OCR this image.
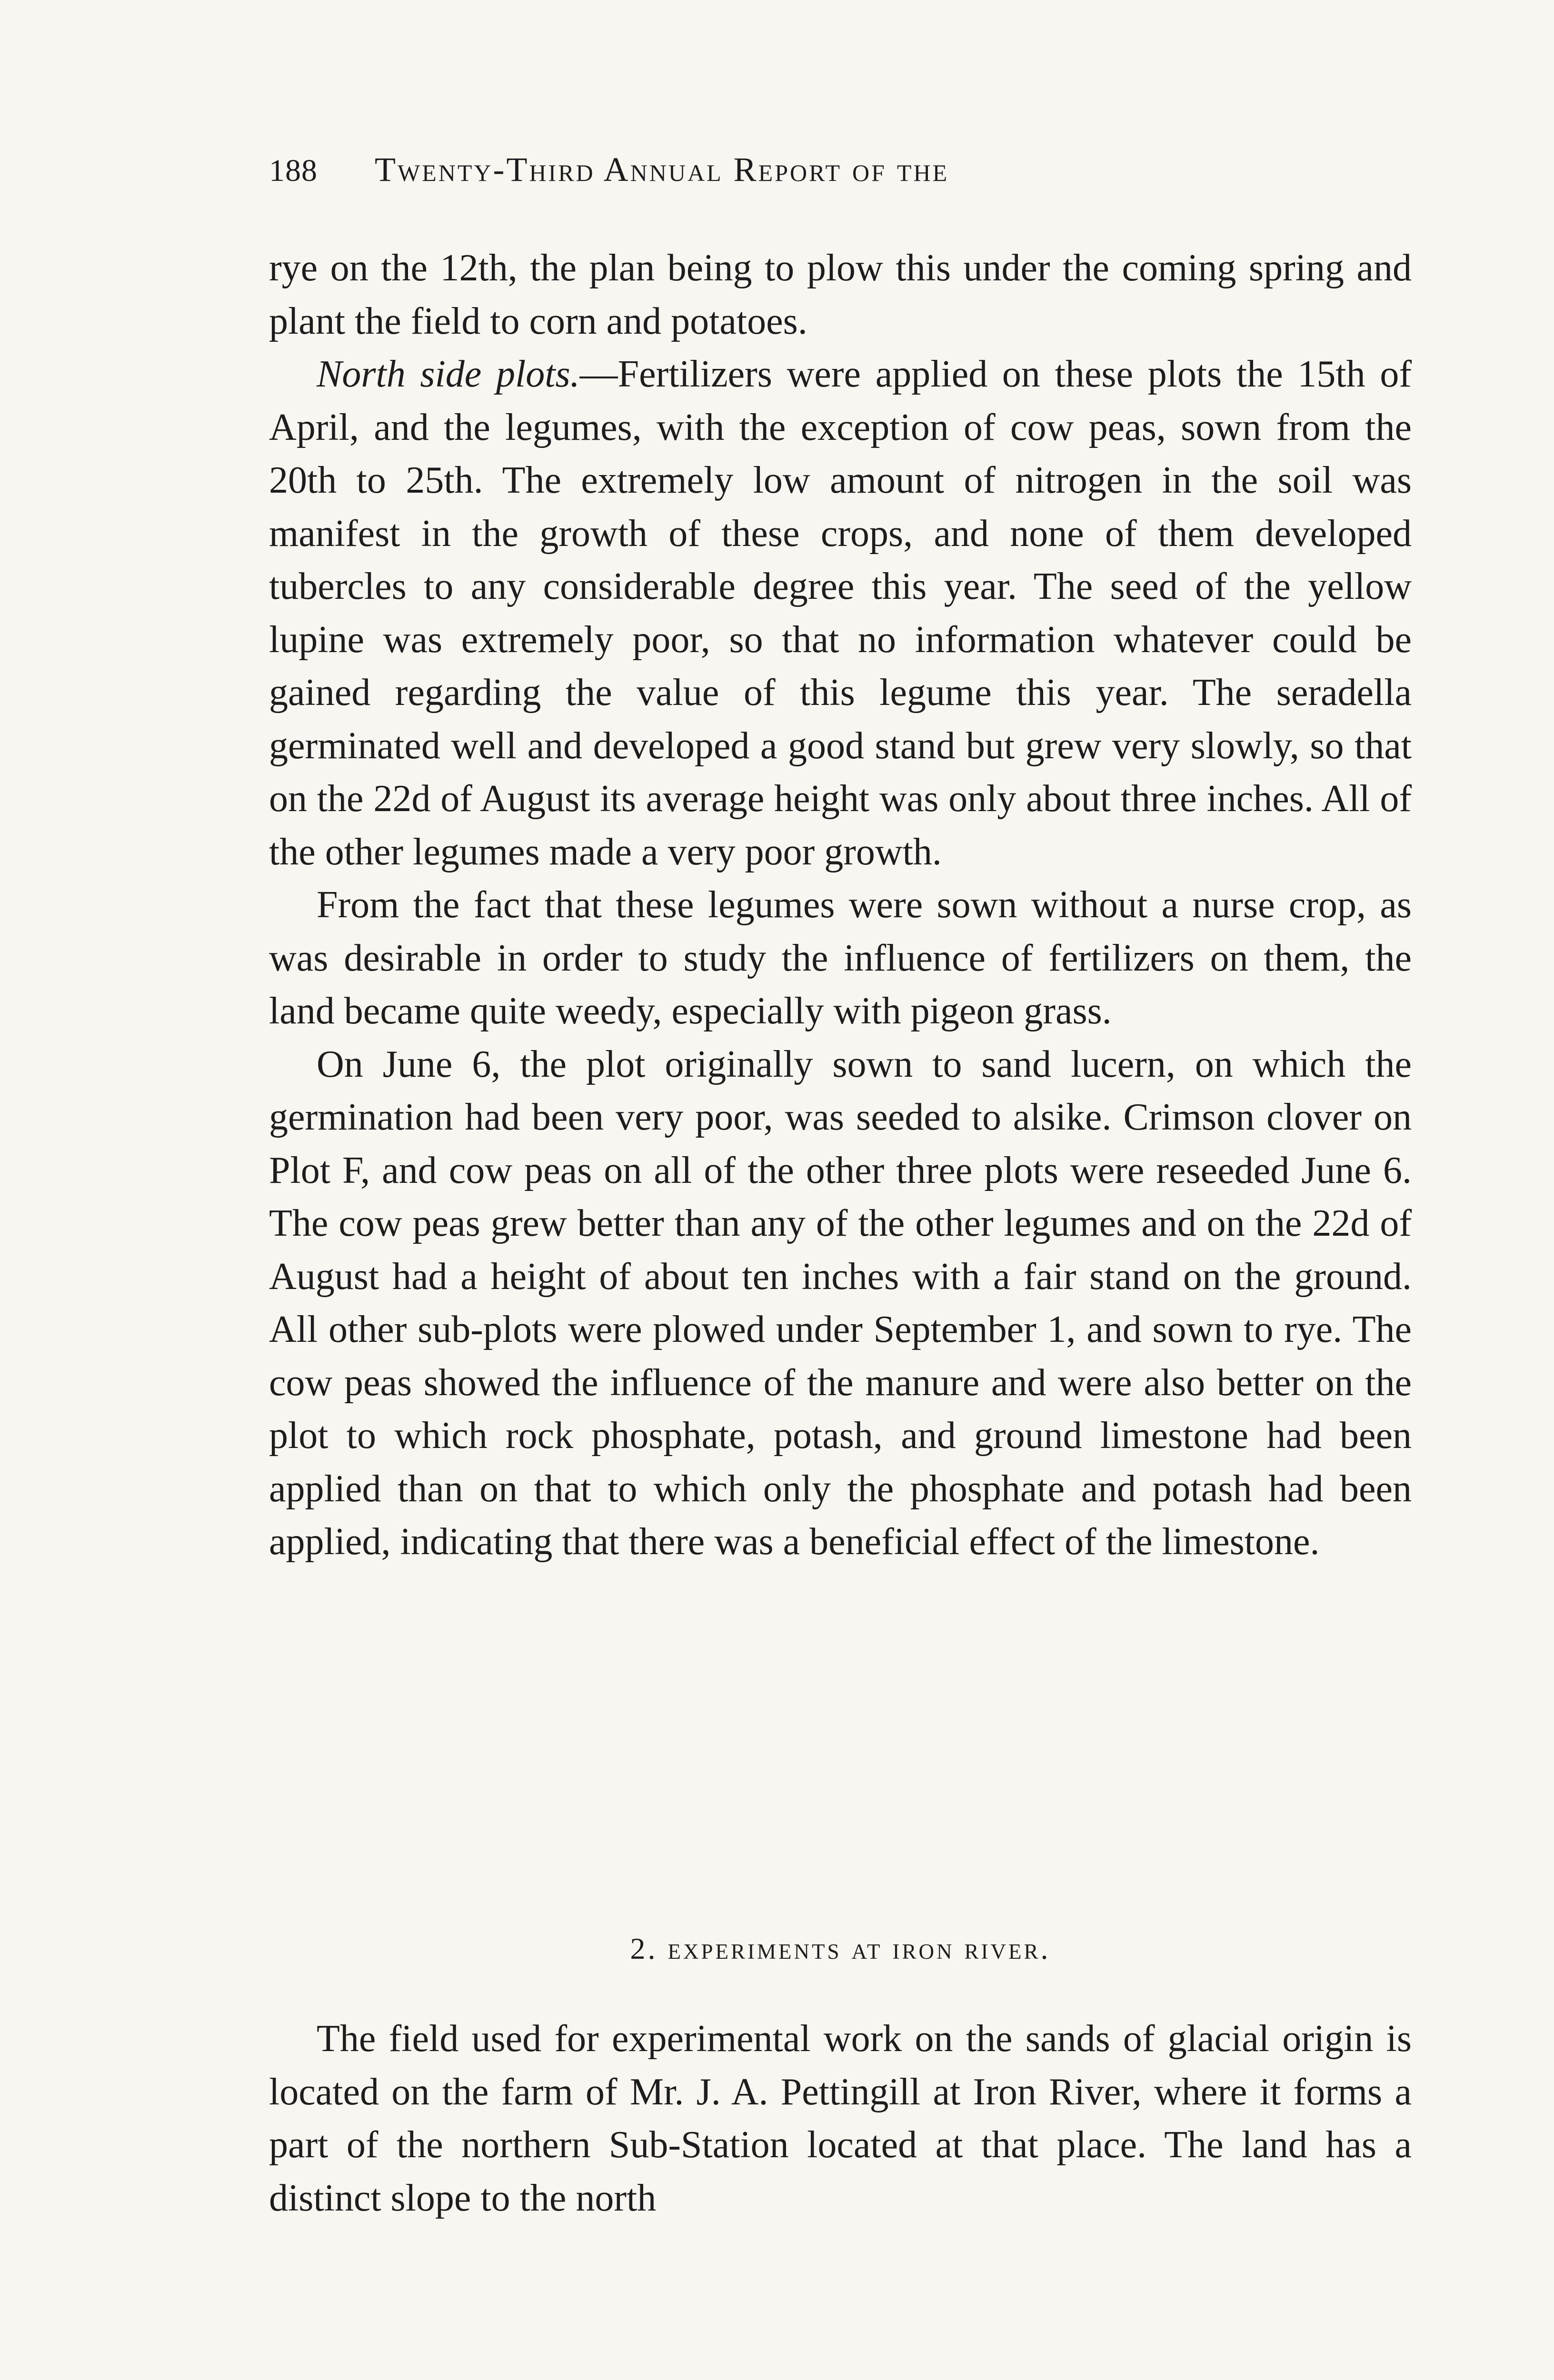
188 Twenty-Third Annual Report of the

rye on the 12th, the plan being to plow this under the coming spring and plant the field to corn and potatoes.

North side plots.—Fertilizers were applied on these plots the 15th of April, and the legumes, with the exception of cow peas, sown from the 20th to 25th. The extremely low amount of nitrogen in the soil was manifest in the growth of these crops, and none of them developed tubercles to any considerable degree this year. The seed of the yellow lupine was extremely poor, so that no information whatever could be gained regarding the value of this legume this year. The seradella germinated well and developed a good stand but grew very slowly, so that on the 22d of August its average height was only about three inches. All of the other legumes made a very poor growth.

From the fact that these legumes were sown without a nurse crop, as was desirable in order to study the influence of fertilizers on them, the land became quite weedy, especially with pigeon grass.

On June 6, the plot originally sown to sand lucern, on which the germination had been very poor, was seeded to alsike. Crimson clover on Plot F, and cow peas on all of the other three plots were reseeded June 6. The cow peas grew better than any of the other legumes and on the 22d of August had a height of about ten inches with a fair stand on the ground. All other sub-plots were plowed under September 1, and sown to rye. The cow peas showed the influence of the manure and were also better on the plot to which rock phosphate, potash, and ground limestone had been applied than on that to which only the phosphate and potash had been applied, indicating that there was a beneficial effect of the limestone.

2. experiments at iron river.

The field used for experimental work on the sands of glacial origin is located on the farm of Mr. J. A. Pettingill at Iron River, where it forms a part of the northern Sub-Station located at that place. The land has a distinct slope to the north
